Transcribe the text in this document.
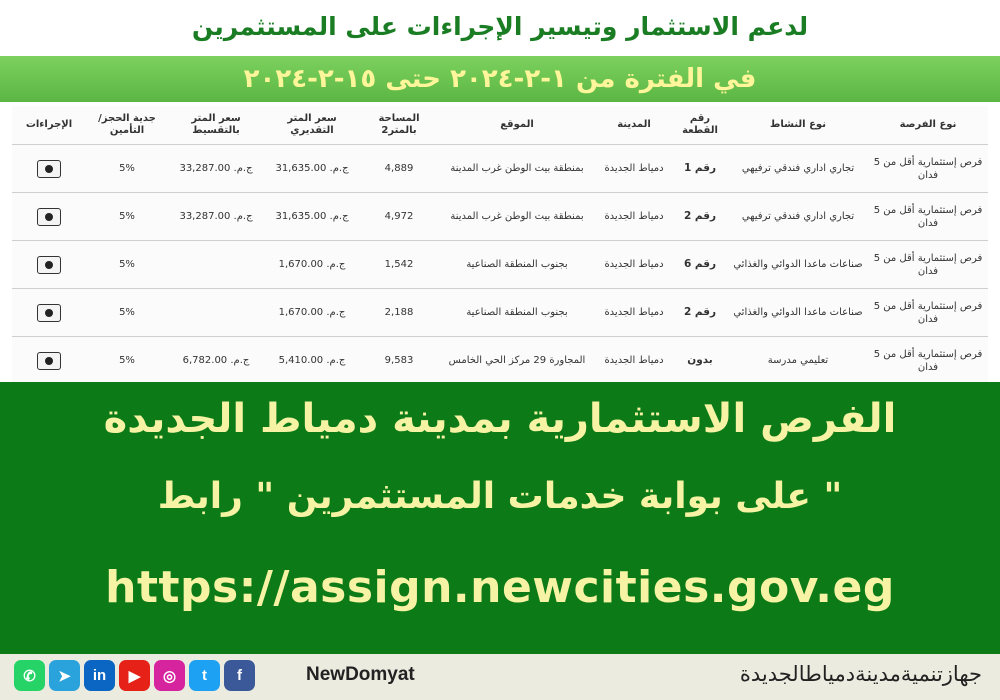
لدعم الاستثمار وتيسير الإجراءات على المستثمرين
في الفترة من ١-٢-٢٠٢٤ حتى ١٥-٢-٢٠٢٤
نوع الفرصة	نوع النشاط	رقم القطعة	المدينة	الموقع	المساحة بالمتر2	سعر المتر التقديري	سعر المتر بالتقسيط	جدية الحجز/ التأمين	الإجراءات
فرص إستثمارية أقل من 5 فدان	تجاري اداري فندقي ترفيهي	رقم 1	دمياط الجديدة	بمنطقة بيت الوطن غرب المدينة	4,889	ج.م. 31,635.00	ج.م. 33,287.00	5%	

فرص إستثمارية أقل من 5 فدان	تجاري اداري فندقي ترفيهي	رقم 2	دمياط الجديدة	بمنطقة بيت الوطن غرب المدينة	4,972	ج.م. 31,635.00	ج.م. 33,287.00	5%	

فرص إستثمارية أقل من 5 فدان	صناعات ماعدا الدوائي والغذائي	رقم 6	دمياط الجديدة	بجنوب المنطقة الصناعية	1,542	ج.م. 1,670.00		5%	

فرص إستثمارية أقل من 5 فدان	صناعات ماعدا الدوائي والغذائي	رقم 2	دمياط الجديدة	بجنوب المنطقة الصناعية	2,188	ج.م. 1,670.00		5%	

فرص إستثمارية أقل من 5 فدان	تعليمي مدرسة	بدون	دمياط الجديدة	المجاورة 29 مركز الحي الخامس	9,583	ج.م. 5,410.00	ج.م. 6,782.00	5%	
الفرص الاستثمارية بمدينة دمياط الجديدة
" على بوابة خدمات المستثمرين " رابط
https://assign.newcities.gov.eg
✆	➤	in	▶	◎	t	f	NewDomyat	جهازتنميةمدينةدمياطالجديدة
